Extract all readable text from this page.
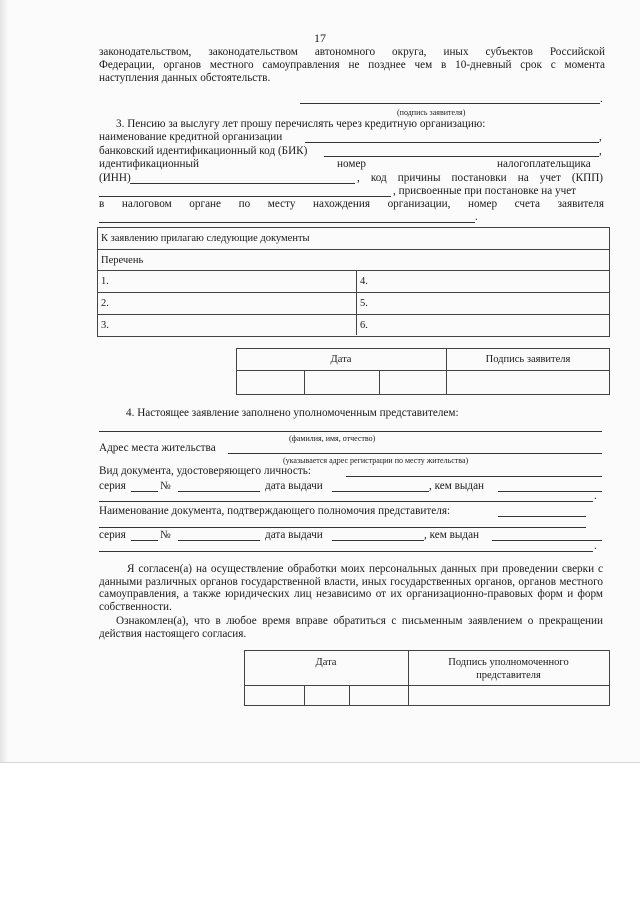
17
законодательством, законодательством автономного округа, иных субъектов Российской
Федерации, органов местного самоуправления не позднее чем в 10-дневный срок с момента
наступления данных обстоятельств.
.
(подпись заявителя)
3. Пенсию за выслугу лет прошу перечислять через кредитную организацию:
наименование кредитной организации	,
банковский идентификационный код (БИК)	,
идентификационный	номер	налогоплательщика
(ИНН)	, код причины постановки на учет (КПП)
, присвоенные при постановке на учет
в налоговом органе по месту нахождения организации, номер счета заявителя
.
К заявлению прилагаю следующие документы
Перечень
1.	4.
2.	5.
3.	6.
Дата	Подпись заявителя
4. Настоящее заявление заполнено уполномоченным представителем:
(фамилия, имя, отчество)
Адрес места жительства
(указывается адрес регистрации по месту жительства)
Вид документа, удостоверяющего личность:
серия	№	дата выдачи	, кем выдан
.
Наименование документа, подтверждающего полномочия представителя:
серия	№	дата выдачи	, кем выдан
.
Я согласен(а) на осуществление обработки моих персональных данных при проведении сверки с данными различных органов государственной власти, иных государственных органов, органов местного самоуправления, а также юридических лиц независимо от их организационно-правовых форм и форм собственности.
Ознакомлен(а), что в любое время вправе обратиться с письменным заявлением о прекращении действия настоящего согласия.
Дата	Подпись уполномоченного
представителя
